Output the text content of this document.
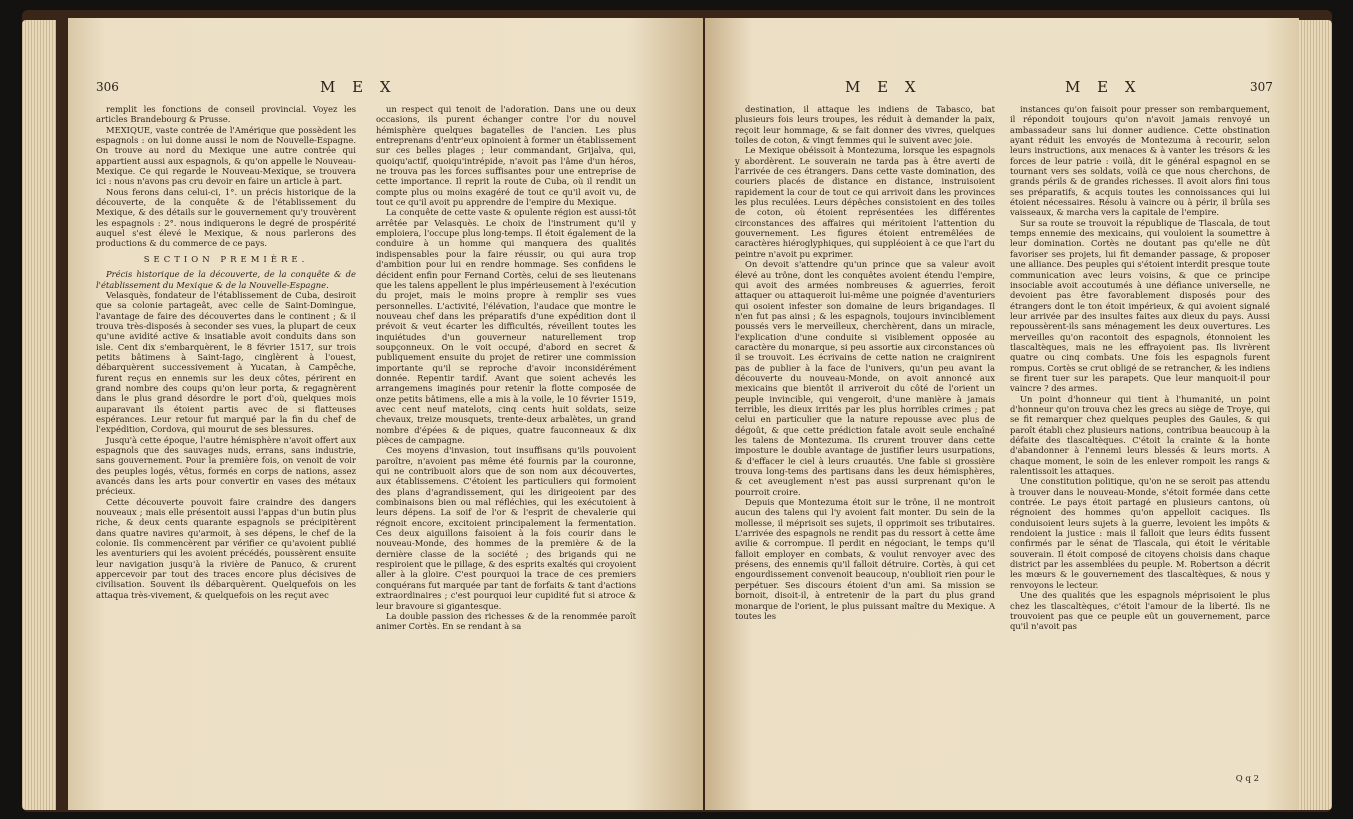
306	M E X

remplit les fonctions de conseil provincial. Voyez les articles Brandebourg & Prusse.

MEXIQUE, vaste contrée de l'Amérique que possèdent les espagnols : on lui donne aussi le nom de Nouvelle-Espagne. On trouve au nord du Mexique une autre contrée qui appartient aussi aux espagnols, & qu'on appelle le Nouveau-Mexique. Ce qui regarde le Nouveau-Mexique, se trouvera ici : nous n'avons pas cru devoir en faire un article à part.

Nous ferons dans celui-ci, 1°. un précis historique de la découverte, de la conquête & de l'établissement du Mexique, & des détails sur le gouvernement qu'y trouvèrent les espagnols : 2°. nous indiquerons le degré de prospérité auquel s'est élevé le Mexique, & nous parlerons des productions & du commerce de ce pays.

SECTION PREMIÈRE.

Précis historique de la découverte, de la conquête & de l'établissement du Mexique & de la Nouvelle-Espagne.

Velasquès, fondateur de l'établissement de Cuba, desiroit que sa colonie partageât, avec celle de Saint-Domingue, l'avantage de faire des découvertes dans le continent ; & il trouva très-disposés à seconder ses vues, la plupart de ceux qu'une avidité active & insatiable avoit conduits dans son isle. Cent dix s'embarquèrent, le 8 février 1517, sur trois petits bâtimens à Saint-Iago, cinglèrent à l'ouest, débarquèrent successivement à Yucatan, à Campêche, furent reçus en ennemis sur les deux côtes, périrent en grand nombre des coups qu'on leur porta, & regagnèrent dans le plus grand désordre le port d'où, quelques mois auparavant ils étoient partis avec de si flatteuses espérances. Leur retour fut marqué par la fin du chef de l'expédition, Cordova, qui mourut de ses blessures.

Jusqu'à cette époque, l'autre hémisphère n'avoit offert aux espagnols que des sauvages nuds, errans, sans industrie, sans gouvernement. Pour la première fois, on venoit de voir des peuples logés, vêtus, formés en corps de nations, assez avancés dans les arts pour convertir en vases des métaux précieux.

Cette découverte pouvoit faire craindre des dangers nouveaux ; mais elle présentoit aussi l'appas d'un butin plus riche, & deux cents quarante espagnols se précipitèrent dans quatre navires qu'armoit, à ses dépens, le chef de la colonie. Ils commencèrent par vérifier ce qu'avoient publié les aventuriers qui les avoient précédés, poussèrent ensuite leur navigation jusqu'à la rivière de Panuco, & crurent appercevoir par tout des traces encore plus décisives de civilisation. Souvent ils débarquèrent. Quelquefois on les attaqua très-vivement, & quelquefois on les reçut avec

un respect qui tenoit de l'adoration. Dans une ou deux occasions, ils purent échanger contre l'or du nouvel hémisphère quelques bagatelles de l'ancien. Les plus entreprenans d'entr'eux opinoient à former un établissement sur ces belles plages ; leur commandant, Grijalva, qui, quoiqu'actif, quoiqu'intrépide, n'avoit pas l'âme d'un héros, ne trouva pas les forces suffisantes pour une entreprise de cette importance. Il reprit la route de Cuba, où il rendit un compte plus ou moins exagéré de tout ce qu'il avoit vu, de tout ce qu'il avoit pu apprendre de l'empire du Mexique.

La conquête de cette vaste & opulente région est aussi-tôt arrêtée par Velasquès. Le choix de l'instrument qu'il y emploiera, l'occupe plus long-temps. Il étoit également de la conduire à un homme qui manquera des qualités indispensables pour la faire réussir, ou qui aura trop d'ambition pour lui en rendre hommage. Ses confidens le décident enfin pour Fernand Cortès, celui de ses lieutenans que les talens appellent le plus impérieusement à l'exécution du projet, mais le moins propre à remplir ses vues personnelles. L'activité, l'élévation, l'audace que montre le nouveau chef dans les préparatifs d'une expédition dont il prévoit & veut écarter les difficultés, réveillent toutes les inquiétudes d'un gouverneur naturellement trop soupçonneux. On le voit occupé, d'abord en secret & publiquement ensuite du projet de retirer une commission importante qu'il se reproche d'avoir inconsidérément donnée. Repentir tardif. Avant que soient achevés les arrangemens imaginés pour retenir la flotte composée de onze petits bâtimens, elle a mis à la voile, le 10 février 1519, avec cent neuf matelots, cinq cents huit soldats, seize chevaux, treize mousquets, trente-deux arbalètes, un grand nombre d'épées & de piques, quatre fauconneaux & dix pièces de campagne.

Ces moyens d'invasion, tout insuffisans qu'ils pouvoient paroître, n'avoient pas même été fournis par la couronne, qui ne contribuoit alors que de son nom aux découvertes, aux établissemens. C'étoient les particuliers qui formoient des plans d'agrandissement, qui les dirigeoient par des combinaisons bien ou mal réfléchies, qui les exécutoient à leurs dépens. La soif de l'or & l'esprit de chevalerie qui régnoit encore, excitoient principalement la fermentation. Ces deux aiguillons faisoient à la fois courir dans le nouveau-Monde, des hommes de la première & de la dernière classe de la société ; des brigands qui ne respiroient que le pillage, & des esprits exaltés qui croyoient aller à la gloire. C'est pourquoi la trace de ces premiers conquérans fut marquée par tant de forfaits & tant d'actions extraordinaires ; c'est pourquoi leur cupidité fut si atroce & leur bravoure si gigantesque.

La double passion des richesses & de la renommée paroît animer Cortès. En se rendant à sa

M E X	M E X	307

destination, il attaque les indiens de Tabasco, bat plusieurs fois leurs troupes, les réduit à demander la paix, reçoit leur hommage, & se fait donner des vivres, quelques toiles de coton, & vingt femmes qui le suivent avec joie.

Le Mexique obéissoit à Montezuma, lorsque les espagnols y abordèrent. Le souverain ne tarda pas à être averti de l'arrivée de ces étrangers. Dans cette vaste domination, des couriers placés de distance en distance, instruisoient rapidement la cour de tout ce qui arrivoit dans les provinces les plus reculées. Leurs dépêches consistoient en des toiles de coton, où étoient représentées les différentes circonstances des affaires qui méritoient l'attention du gouvernement. Les figures étoient entremêlées de caractères hiéroglyphiques, qui suppléoient à ce que l'art du peintre n'avoit pu exprimer.

On devoit s'attendre qu'un prince que sa valeur avoit élevé au trône, dont les conquêtes avoient étendu l'empire, qui avoit des armées nombreuses & aguerries, feroit attaquer ou attaqueroit lui-même une poignée d'aventuriers qui osoient infester son domaine de leurs brigandages. Il n'en fut pas ainsi ; & les espagnols, toujours invinciblement poussés vers le merveilleux, cherchèrent, dans un miracle, l'explication d'une conduite si visiblement opposée au caractère du monarque, si peu assortie aux circonstances où il se trouvoit. Les écrivains de cette nation ne craignirent pas de publier à la face de l'univers, qu'un peu avant la découverte du nouveau-Monde, on avoit annoncé aux mexicains que bientôt il arriveroit du côté de l'orient un peuple invincible, qui vengeroit, d'une manière à jamais terrible, les dieux irrités par les plus horribles crimes ; pat celui en particulier que la nature repousse avec plus de dégoût, & que cette prédiction fatale avoit seule enchaîné les talens de Montezuma. Ils crurent trouver dans cette imposture le double avantage de justifier leurs usurpations, & d'effacer le ciel à leurs cruautés. Une fable si grossière trouva long-tems des partisans dans les deux hémisphères, & cet aveuglement n'est pas aussi surprenant qu'on le pourroit croire.

Depuis que Montezuma étoit sur le trône, il ne montroit aucun des talens qui l'y avoient fait monter. Du sein de la mollesse, il méprisoit ses sujets, il opprimoit ses tributaires. L'arrivée des espagnols ne rendit pas du ressort à cette âme avilie & corrompue. Il perdit en négociant, le temps qu'il falloit employer en combats, & voulut renvoyer avec des présens, des ennemis qu'il falloit détruire. Cortès, à qui cet engourdissement convenoit beaucoup, n'oublioit rien pour le perpétuer. Ses discours étoient d'un ami. Sa mission se bornoit, disoit-il, à entretenir de la part du plus grand monarque de l'orient, le plus puissant maître du Mexique. A toutes les

instances qu'on faisoit pour presser son rembarquement, il répondoit toujours qu'on n'avoit jamais renvoyé un ambassadeur sans lui donner audience. Cette obstination ayant réduit les envoyés de Montezuma à recourir, selon leurs instructions, aux menaces & à vanter les trésors & les forces de leur patrie : voilà, dit le général espagnol en se tournant vers ses soldats, voilà ce que nous cherchons, de grands périls & de grandes richesses. Il avoit alors fini tous ses préparatifs, & acquis toutes les connoissances qui lui étoient nécessaires. Résolu à vaincre ou à périr, il brûla ses vaisseaux, & marcha vers la capitale de l'empire.

Sur sa route se trouvoit la république de Tlascala, de tout temps ennemie des mexicains, qui vouloient la soumettre à leur domination. Cortès ne doutant pas qu'elle ne dût favoriser ses projets, lui fit demander passage, & proposer une alliance. Des peuples qui s'étoient interdit presque toute communication avec leurs voisins, & que ce principe insociable avoit accoutumés à une défiance universelle, ne devoient pas être favorablement disposés pour des étrangers dont le ton étoit impérieux, & qui avoient signalé leur arrivée par des insultes faites aux dieux du pays. Aussi repoussèrent-ils sans ménagement les deux ouvertures. Les merveilles qu'on racontoit des espagnols, étonnoient les tlascaltèques, mais ne les effrayoient pas. Ils livrèrent quatre ou cinq combats. Une fois les espagnols furent rompus. Cortès se crut obligé de se retrancher, & les indiens se firent tuer sur les parapets. Que leur manquoit-il pour vaincre ? des armes.

Un point d'honneur qui tient à l'humanité, un point d'honneur qu'on trouva chez les grecs au siège de Troye, qui se fit remarquer chez quelques peuples des Gaules, & qui paroît établi chez plusieurs nations, contribua beaucoup à la défaite des tlascaltèques. C'étoit la crainte & la honte d'abandonner à l'ennemi leurs blessés & leurs morts. A chaque moment, le soin de les enlever rompoit les rangs & ralentissoit les attaques.

Une constitution politique, qu'on ne se seroit pas attendu à trouver dans le nouveau-Monde, s'étoit formée dans cette contrée. Le pays étoit partagé en plusieurs cantons, où régnoient des hommes qu'on appelloit caciques. Ils conduisoient leurs sujets à la guerre, levoient les impôts & rendoient la justice : mais il falloit que leurs édits fussent confirmés par le sénat de Tlascala, qui étoit le véritable souverain. Il étoit composé de citoyens choisis dans chaque district par les assemblées du peuple. M. Robertson a décrit les mœurs & le gouvernement des tlascaltèques, & nous y renvoyons le lecteur.

Une des qualités que les espagnols méprisoient le plus chez les tlascaltèques, c'étoit l'amour de la liberté. Ils ne trouvoient pas que ce peuple eût un gouvernement, parce qu'il n'avoit pas

Q q 2
